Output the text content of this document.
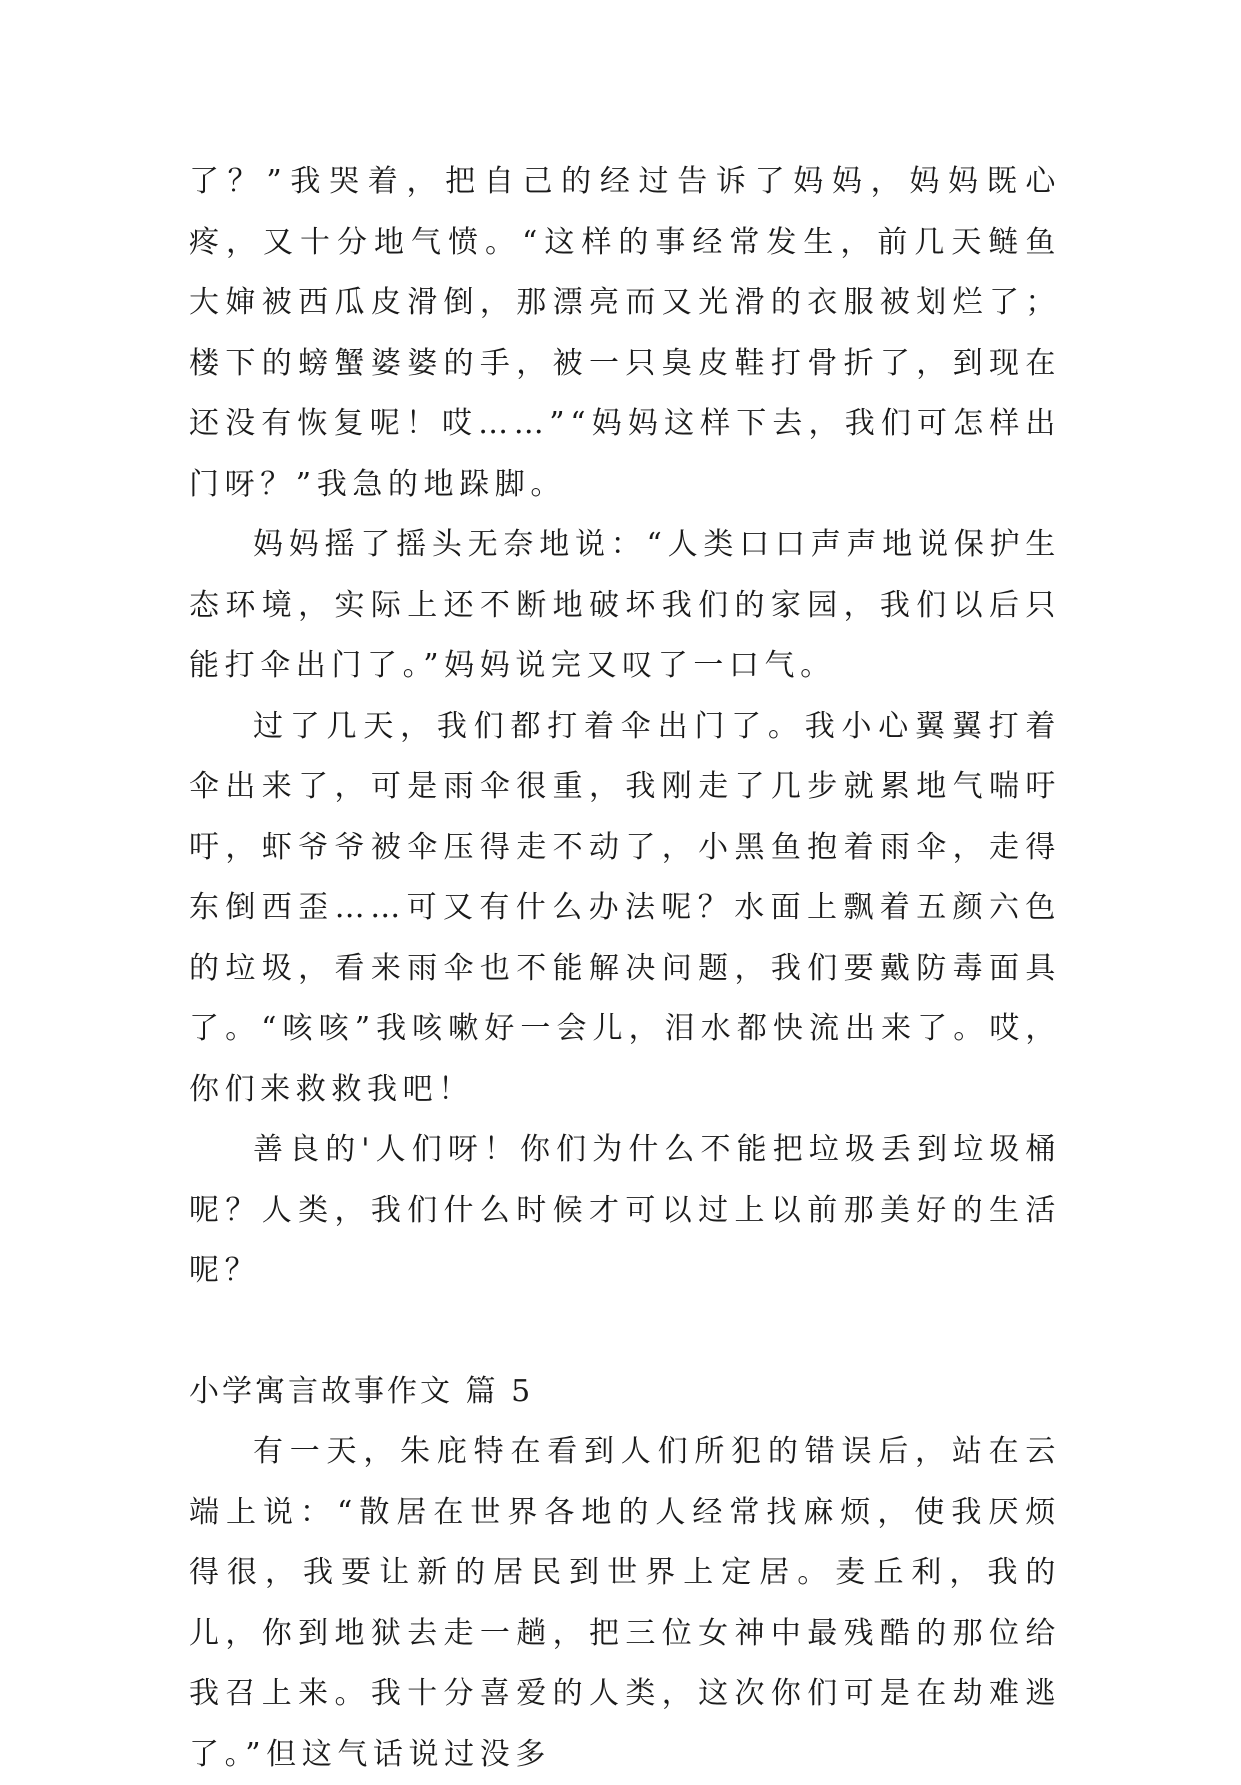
了？”我哭着，把自己的经过告诉了妈妈，妈妈既心疼，又十分地气愤。“这样的事经常发生，前几天鲢鱼大婶被西瓜皮滑倒，那漂亮而又光滑的衣服被划烂了；楼下的螃蟹婆婆的手，被一只臭皮鞋打骨折了，到现在还没有恢复呢！哎……”“妈妈这样下去，我们可怎样出门呀？”我急的地跺脚。

妈妈摇了摇头无奈地说：“人类口口声声地说保护生态环境，实际上还不断地破坏我们的家园，我们以后只能打伞出门了。”妈妈说完又叹了一口气。

过了几天，我们都打着伞出门了。我小心翼翼打着伞出来了，可是雨伞很重，我刚走了几步就累地气喘吁吁，虾爷爷被伞压得走不动了，小黑鱼抱着雨伞，走得东倒西歪……可又有什么办法呢？水面上飘着五颜六色的垃圾，看来雨伞也不能解决问题，我们要戴防毒面具了。“咳咳”我咳嗽好一会儿，泪水都快流出来了。哎，你们来救救我吧！

善良的'人们呀！你们为什么不能把垃圾丢到垃圾桶呢？人类，我们什么时候才可以过上以前那美好的生活呢？

小学寓言故事作文 篇 5

有一天，朱庇特在看到人们所犯的错误后，站在云端上说：“散居在世界各地的人经常找麻烦，使我厌烦得很，我要让新的居民到世界上定居。麦丘利，我的儿，你到地狱去走一趟，把三位女神中最残酷的那位给我召上来。我十分喜爱的人类，这次你们可是在劫难逃了。”但这气话说过没多
